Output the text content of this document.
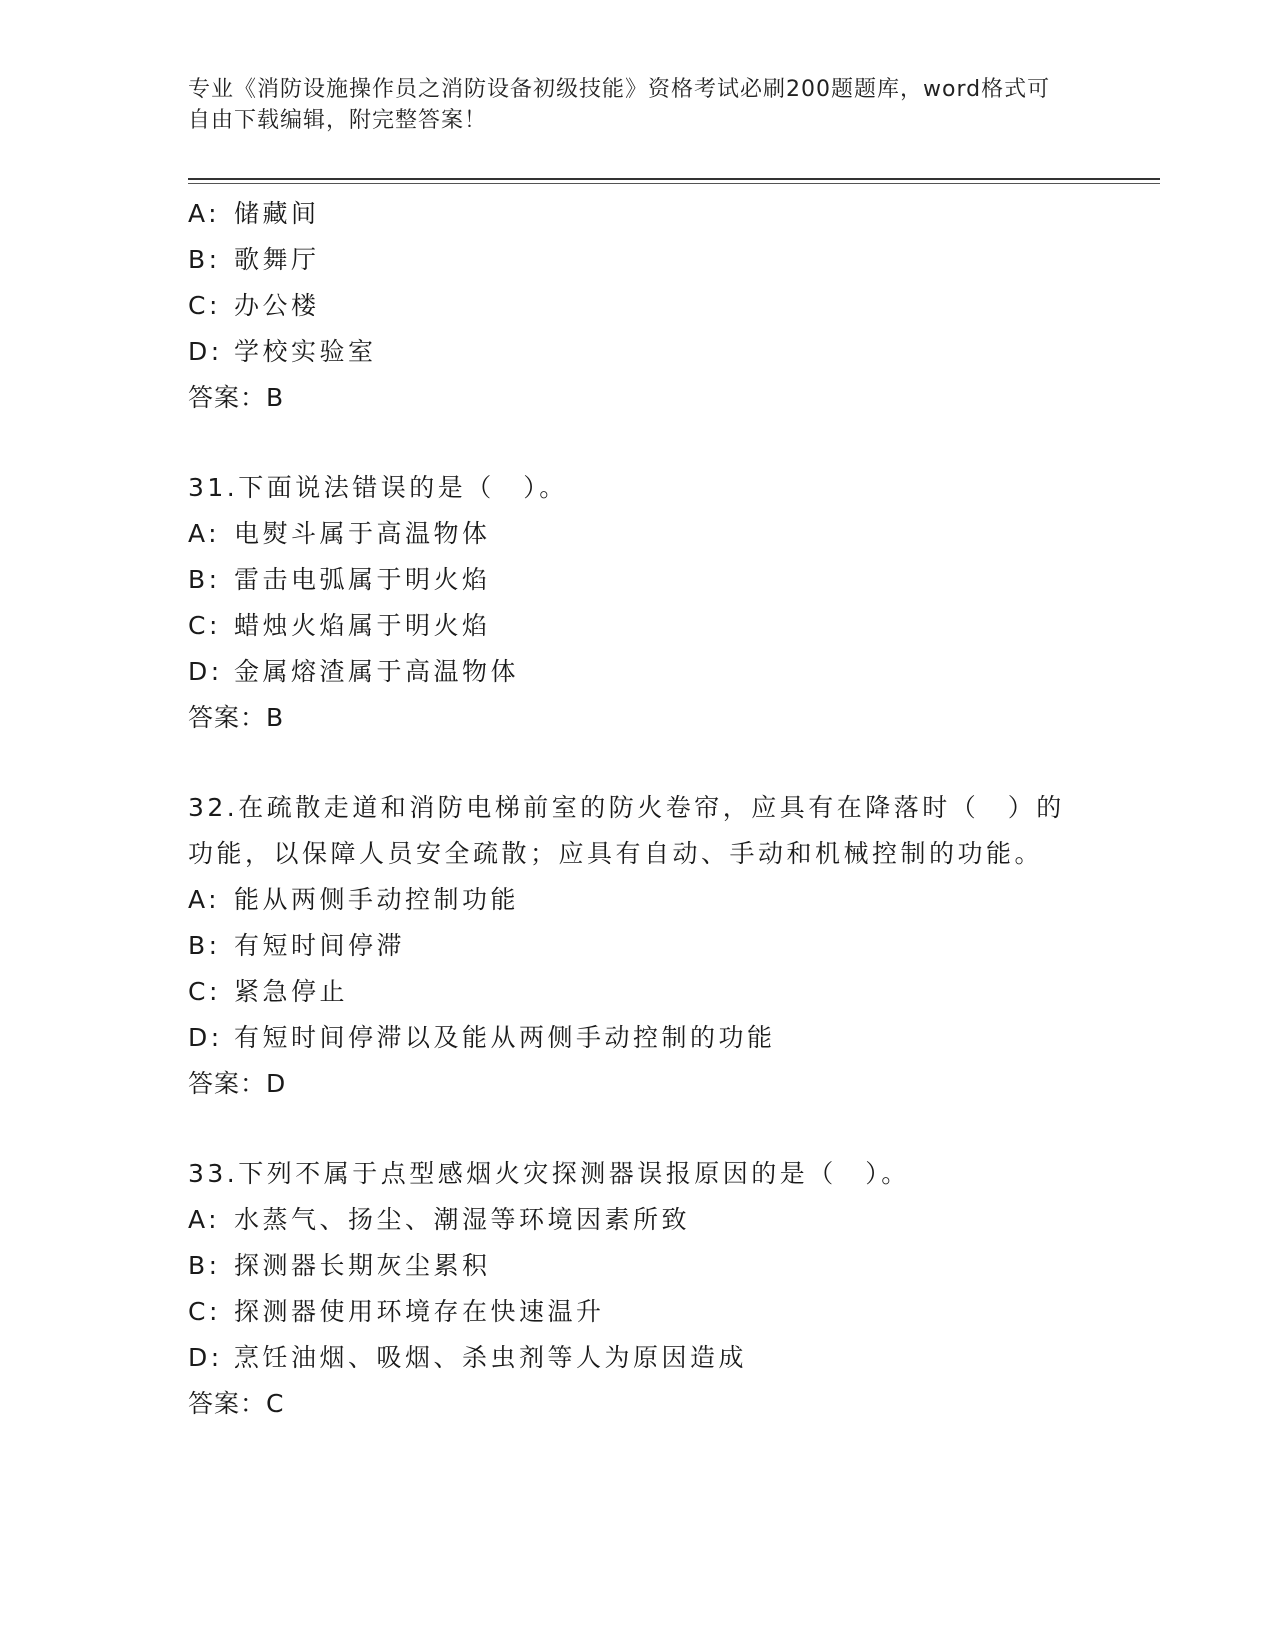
专业《消防设施操作员之消防设备初级技能》资格考试必刷200题题库，word格式可自由下载编辑，附完整答案！
A: 储藏间
B: 歌舞厅
C: 办公楼
D: 学校实验室
答案：B
31.下面说法错误的是（　）。
A: 电熨斗属于高温物体
B: 雷击电弧属于明火焰
C: 蜡烛火焰属于明火焰
D: 金属熔渣属于高温物体
答案：B
32.在疏散走道和消防电梯前室的防火卷帘，应具有在降落时（　）的功能，以保障人员安全疏散；应具有自动、手动和机械控制的功能。
A: 能从两侧手动控制功能
B: 有短时间停滞
C: 紧急停止
D: 有短时间停滞以及能从两侧手动控制的功能
答案：D
33.下列不属于点型感烟火灾探测器误报原因的是（　）。
A: 水蒸气、扬尘、潮湿等环境因素所致
B: 探测器长期灰尘累积
C: 探测器使用环境存在快速温升
D: 烹饪油烟、吸烟、杀虫剂等人为原因造成
答案：C
